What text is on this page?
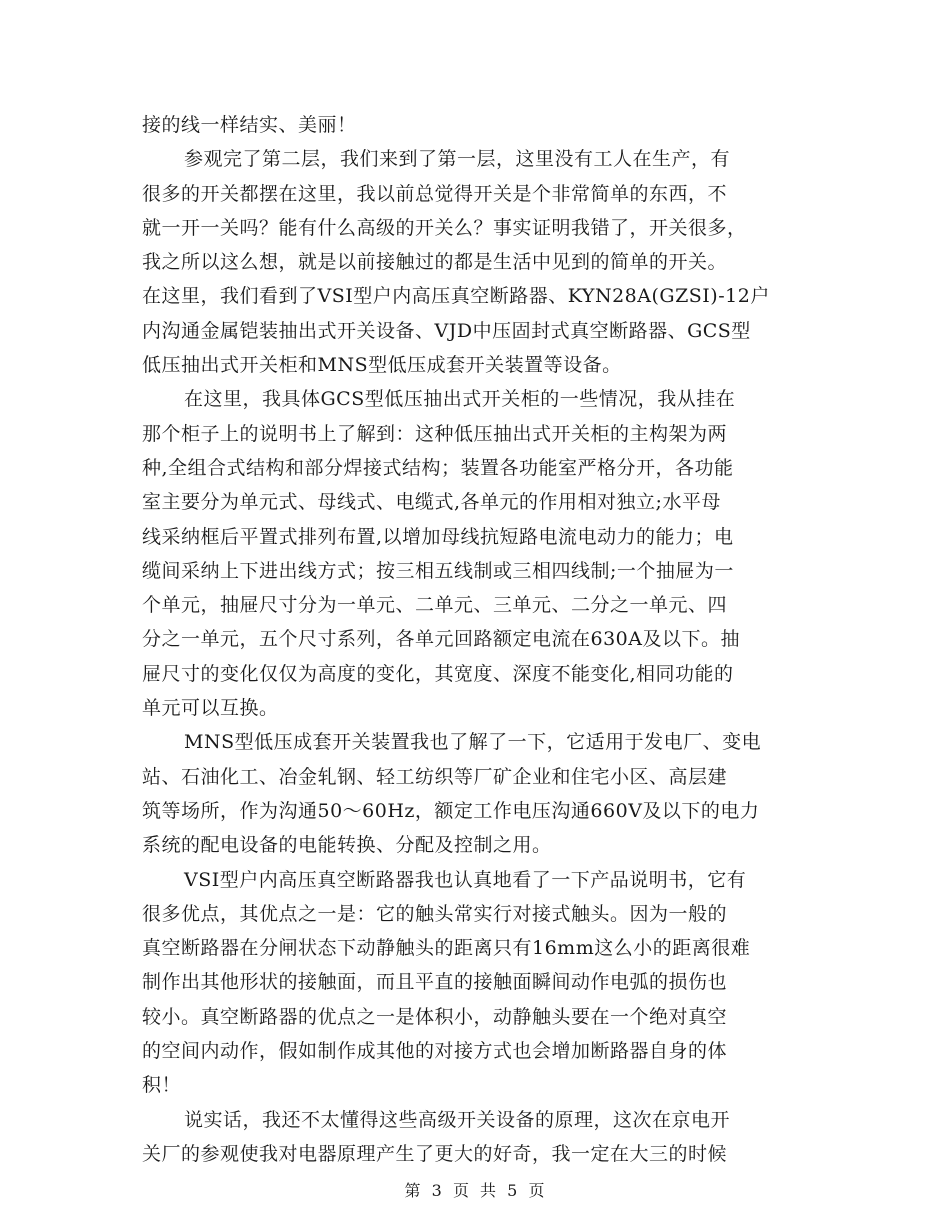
接的线一样结实、美丽！
参观完了第二层，我们来到了第一层，这里没有工人在生产，有
很多的开关都摆在这里，我以前总觉得开关是个非常简单的东西，不
就一开一关吗？能有什么高级的开关么？事实证明我错了，开关很多，
我之所以这么想，就是以前接触过的都是生活中见到的简单的开关。
在这里，我们看到了VSI型户内高压真空断路器、KYN28A(GZSI)-12户
内沟通金属铠装抽出式开关设备、VJD中压固封式真空断路器、GCS型
低压抽出式开关柜和MNS型低压成套开关装置等设备。
在这里，我具体GCS型低压抽出式开关柜的一些情况，我从挂在
那个柜子上的说明书上了解到：这种低压抽出式开关柜的主构架为两
种,全组合式结构和部分焊接式结构；装置各功能室严格分开，各功能
室主要分为单元式、母线式、电缆式,各单元的作用相对独立;水平母
线采纳框后平置式排列布置,以增加母线抗短路电流电动力的能力；电
缆间采纳上下进出线方式；按三相五线制或三相四线制;一个抽屉为一
个单元，抽屉尺寸分为一单元、二单元、三单元、二分之一单元、四
分之一单元，五个尺寸系列，各单元回路额定电流在630A及以下。抽
屉尺寸的变化仅仅为高度的变化，其宽度、深度不能变化,相同功能的
单元可以互换。
MNS型低压成套开关装置我也了解了一下，它适用于发电厂、变电
站、石油化工、冶金轧钢、轻工纺织等厂矿企业和住宅小区、高层建
筑等场所，作为沟通50～60Hz，额定工作电压沟通660V及以下的电力
系统的配电设备的电能转换、分配及控制之用。
VSI型户内高压真空断路器我也认真地看了一下产品说明书，它有
很多优点，其优点之一是：它的触头常实行对接式触头。因为一般的
真空断路器在分闸状态下动静触头的距离只有16mm这么小的距离很难
制作出其他形状的接触面，而且平直的接触面瞬间动作电弧的损伤也
较小。真空断路器的优点之一是体积小，动静触头要在一个绝对真空
的空间内动作，假如制作成其他的对接方式也会增加断路器自身的体
积！
说实话，我还不太懂得这些高级开关设备的原理，这次在京电开
关厂的参观使我对电器原理产生了更大的好奇，我一定在大三的时候
第 3 页 共 5 页
